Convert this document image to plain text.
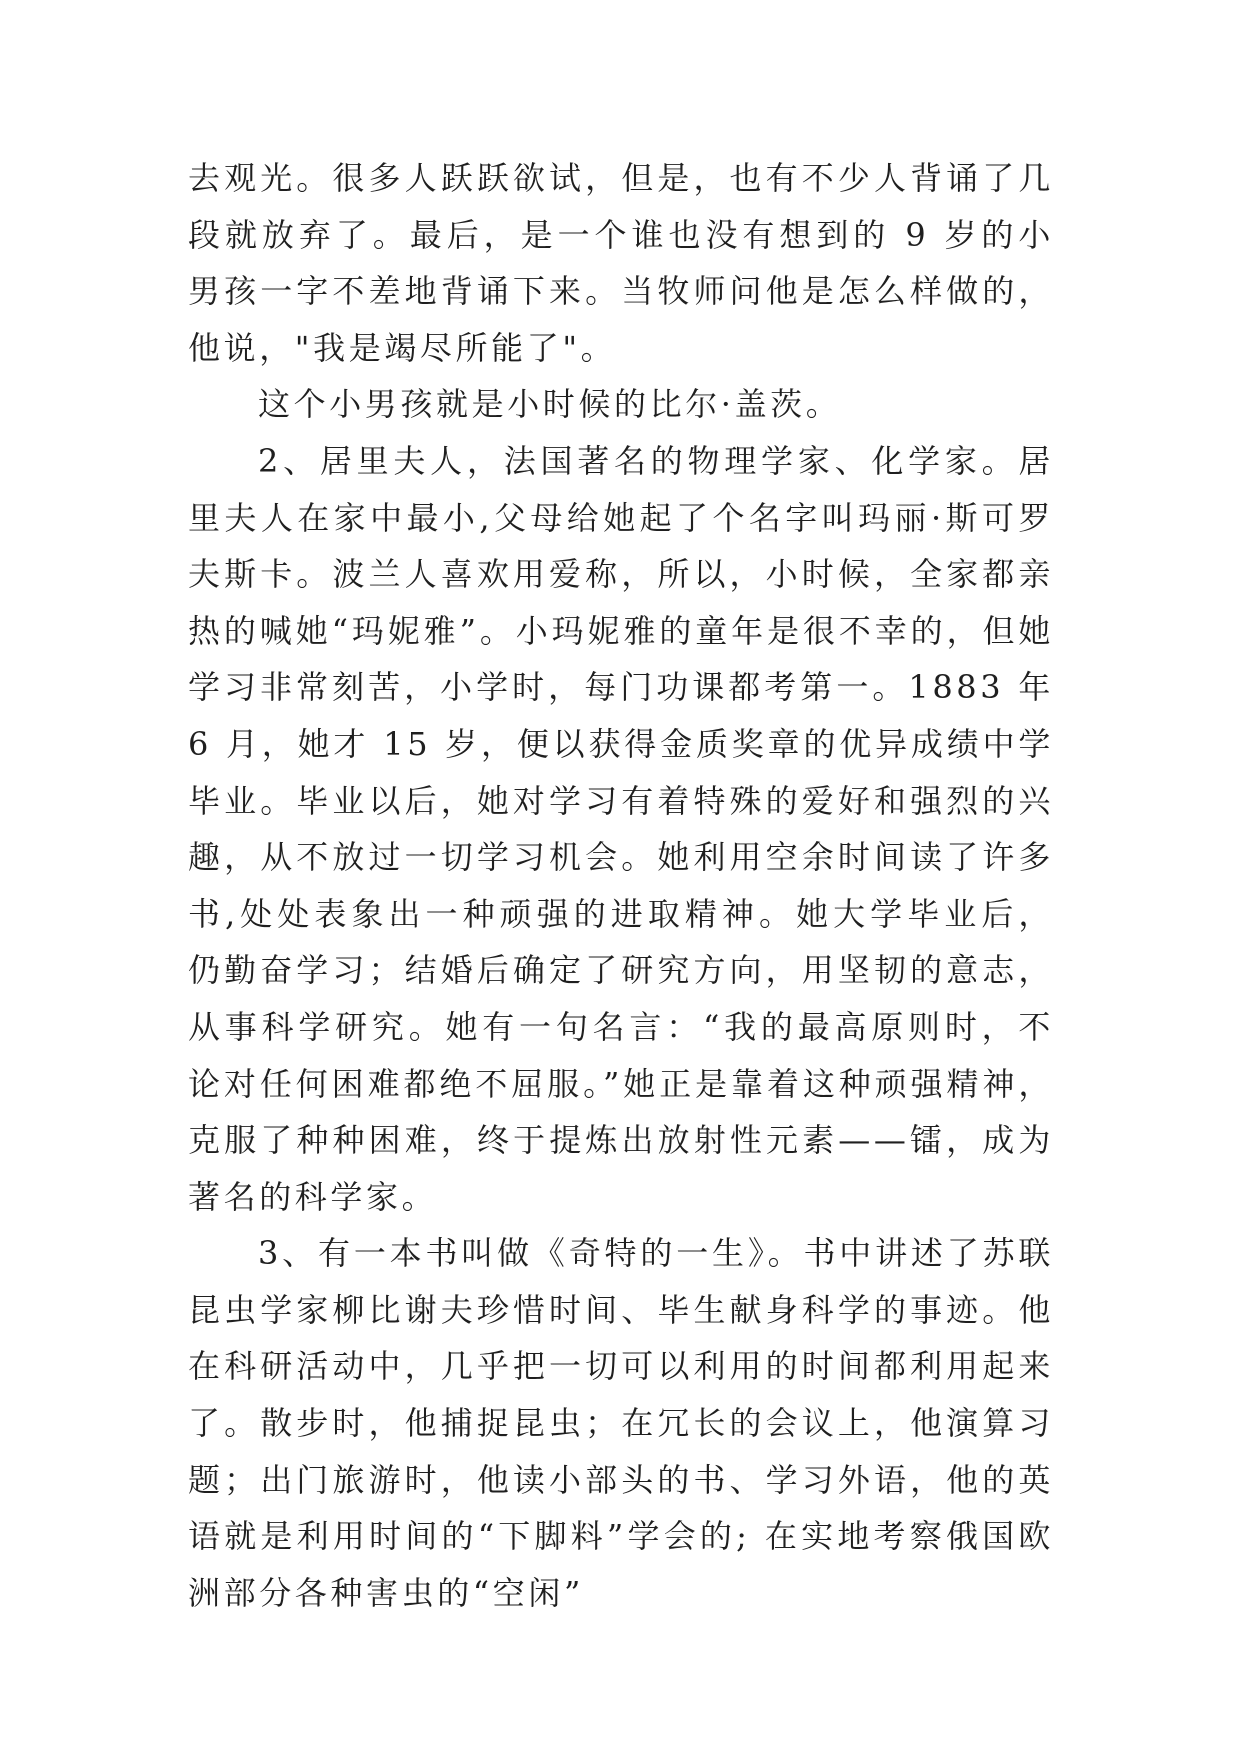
去观光。很多人跃跃欲试，但是，也有不少人背诵了几段就放弃了。最后，是一个谁也没有想到的 9 岁的小男孩一字不差地背诵下来。当牧师问他是怎么样做的，他说，"我是竭尽所能了"。

这个小男孩就是小时候的比尔·盖茨。

2、居里夫人，法国著名的物理学家、化学家。居里夫人在家中最小,父母给她起了个名字叫玛丽·斯可罗夫斯卡。波兰人喜欢用爱称，所以，小时候，全家都亲热的喊她“玛妮雅”。小玛妮雅的童年是很不幸的，但她学习非常刻苦，小学时，每门功课都考第一。1883 年 6 月，她才 15 岁，便以获得金质奖章的优异成绩中学毕业。毕业以后，她对学习有着特殊的爱好和强烈的兴趣，从不放过一切学习机会。她利用空余时间读了许多书,处处表象出一种顽强的进取精神。她大学毕业后，仍勤奋学习；结婚后确定了研究方向，用坚韧的意志，从事科学研究。她有一句名言：“我的最高原则时，不论对任何困难都绝不屈服。”她正是靠着这种顽强精神，克服了种种困难，终于提炼出放射性元素——镭，成为著名的科学家。

3、有一本书叫做《奇特的一生》。书中讲述了苏联昆虫学家柳比谢夫珍惜时间、毕生献身科学的事迹。他在科研活动中，几乎把一切可以利用的时间都利用起来了。散步时，他捕捉昆虫；在冗长的会议上，他演算习题；出门旅游时，他读小部头的书、学习外语，他的英语就是利用时间的“下脚料”学会的; 在实地考察俄国欧洲部分各种害虫的“空闲”
